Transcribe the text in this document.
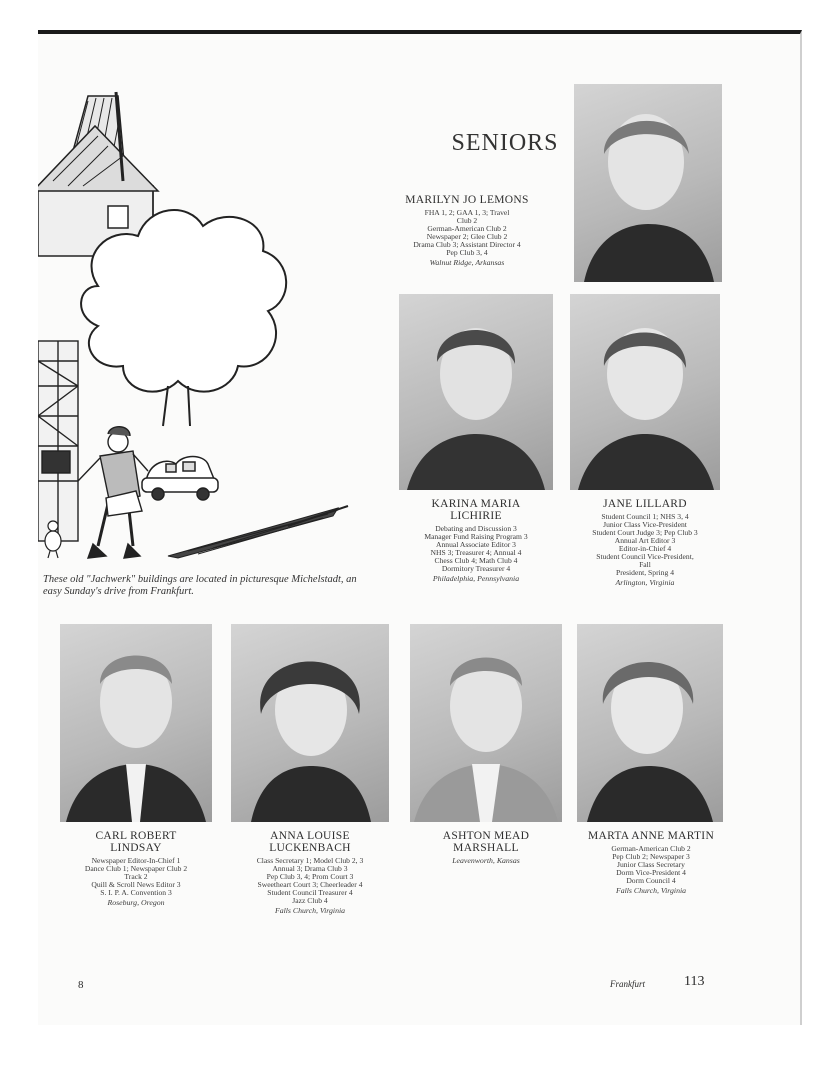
These old "Jachwerk" buildings are located in picturesque Michelstadt, an easy Sunday's drive from Frankfurt.
SENIORS
MARILYN JO LEMONS
FHA 1, 2; GAA 1, 3; Travel
Club 2
German-American Club 2
Newspaper 2; Glee Club 2
Drama Club 3; Assistant Director 4
Pep Club 3, 4
Walnut Ridge, Arkansas
KARINA MARIA
LICHIRIE
Debating and Discussion 3
Manager Fund Raising Program 3
Annual Associate Editor 3
NHS 3; Treasurer 4; Annual 4
Chess Club 4; Math Club 4
Dormitory Treasurer 4
Philadelphia, Pennsylvania
JANE LILLARD
Student Council 1; NHS 3, 4
Junior Class Vice-President
Student Court Judge 3; Pep Club 3
Annual Art Editor 3
Editor-in-Chief 4
Student Council Vice-President,
Fall
President, Spring 4
Arlington, Virginia
CARL ROBERT
LINDSAY
Newspaper Editor-In-Chief 1
Dance Club 1; Newspaper Club 2
Track 2
Quill & Scroll News Editor 3
S. I. P. A. Convention 3
Roseburg, Oregon
ANNA LOUISE
LUCKENBACH
Class Secretary 1; Model Club 2, 3
Annual 3; Drama Club 3
Pep Club 3, 4; Prom Court 3
Sweetheart Court 3; Cheerleader 4
Student Council Treasurer 4
Jazz Club 4
Falls Church, Virginia
ASHTON MEAD
MARSHALL
Leavenworth, Kansas
MARTA ANNE MARTIN
German-American Club 2
Pep Club 2; Newspaper 3
Junior Class Secretary
Dorm Vice-President 4
Dorm Council 4
Falls Church, Virginia
8	Frankfurt	113
